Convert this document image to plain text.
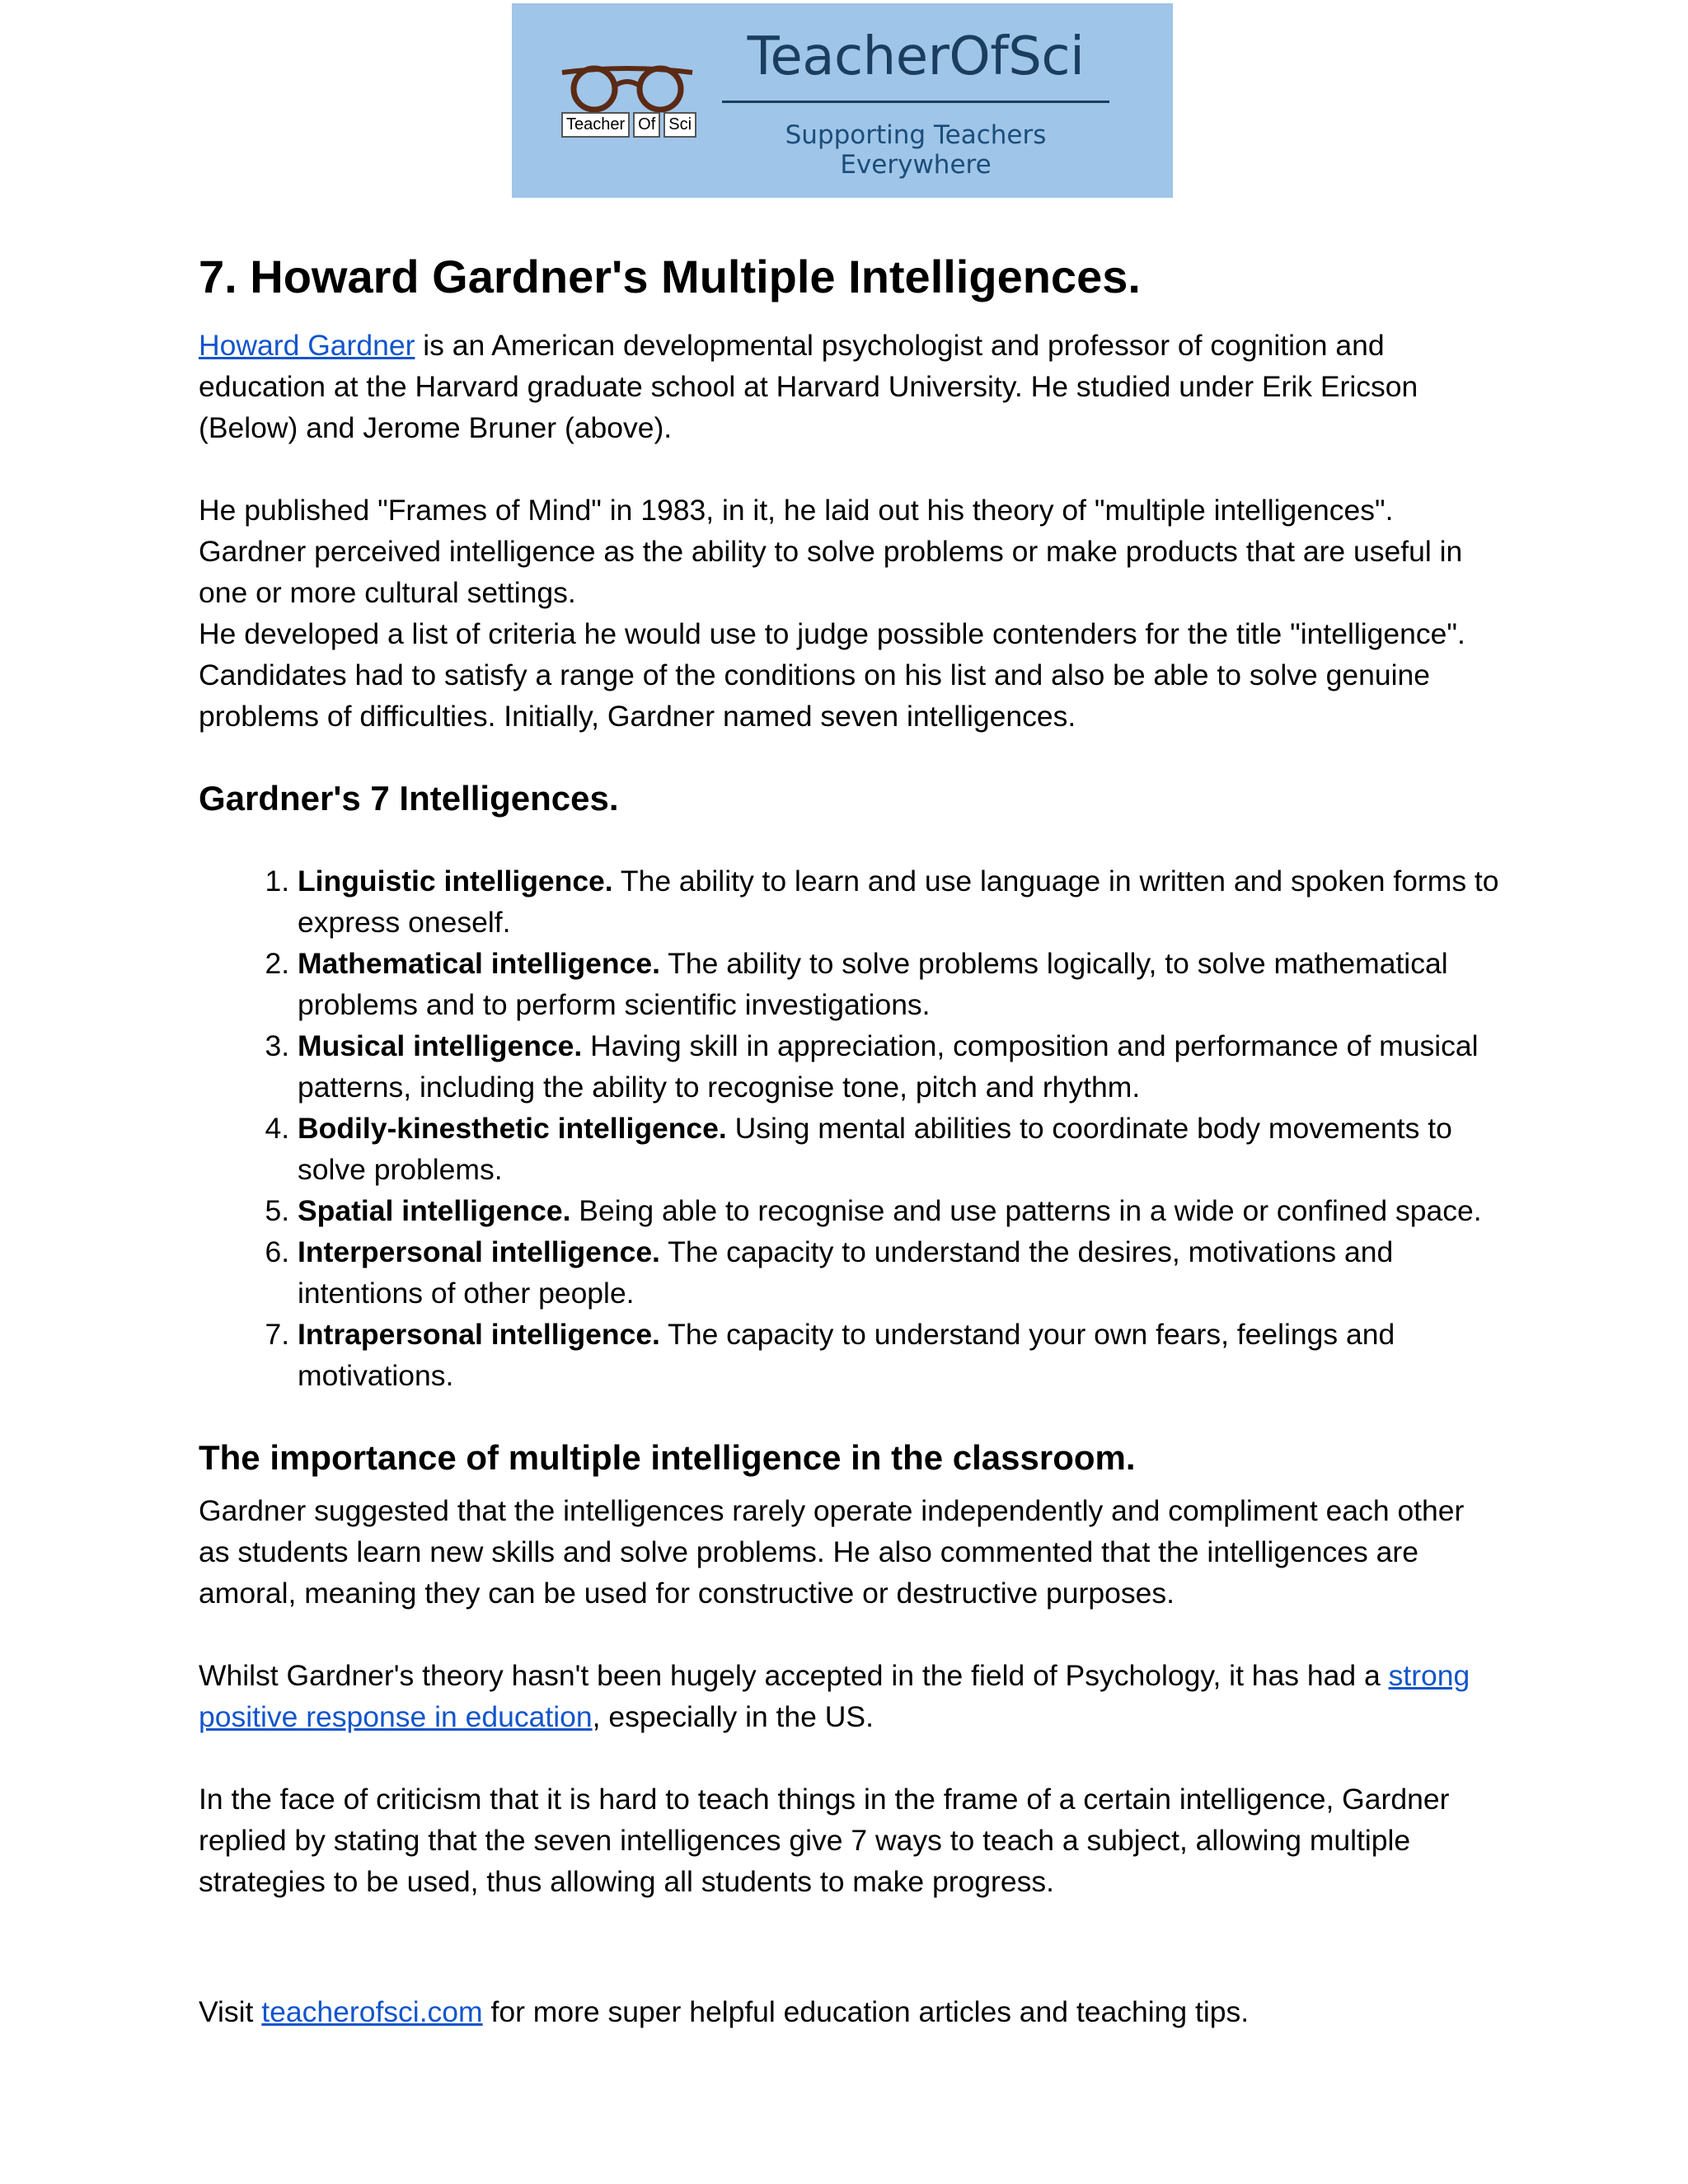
Teacher Of Sci
TeacherOfSci
Supporting Teachers Everywhere
7. Howard Gardner's Multiple Intelligences.

Howard Gardner is an American developmental psychologist and professor of cognition and education at the Harvard graduate school at Harvard University. He studied under Erik Ericson (Below) and Jerome Bruner (above).

He published "Frames of Mind" in 1983, in it, he laid out his theory of "multiple intelligences". Gardner perceived intelligence as the ability to solve problems or make products that are useful in one or more cultural settings.

He developed a list of criteria he would use to judge possible contenders for the title "intelligence". Candidates had to satisfy a range of the conditions on his list and also be able to solve genuine problems of difficulties. Initially, Gardner named seven intelligences.

Gardner's 7 Intelligences.
1. Linguistic intelligence. The ability to learn and use language in written and spoken forms to express oneself.
2. Mathematical intelligence. The ability to solve problems logically, to solve mathematical problems and to perform scientific investigations.
3. Musical intelligence. Having skill in appreciation, composition and performance of musical patterns, including the ability to recognise tone, pitch and rhythm.
4. Bodily-kinesthetic intelligence. Using mental abilities to coordinate body movements to solve problems.
5. Spatial intelligence. Being able to recognise and use patterns in a wide or confined space.
6. Interpersonal intelligence. The capacity to understand the desires, motivations and intentions of other people.
7. Intrapersonal intelligence. The capacity to understand your own fears, feelings and motivations.
The importance of multiple intelligence in the classroom.

Gardner suggested that the intelligences rarely operate independently and compliment each other as students learn new skills and solve problems. He also commented that the intelligences are amoral, meaning they can be used for constructive or destructive purposes.

Whilst Gardner's theory hasn't been hugely accepted in the field of Psychology, it has had a strong positive response in education, especially in the US.

In the face of criticism that it is hard to teach things in the frame of a certain intelligence, Gardner replied by stating that the seven intelligences give 7 ways to teach a subject, allowing multiple strategies to be used, thus allowing all students to make progress.

Visit teacherofsci.com for more super helpful education articles and teaching tips.
